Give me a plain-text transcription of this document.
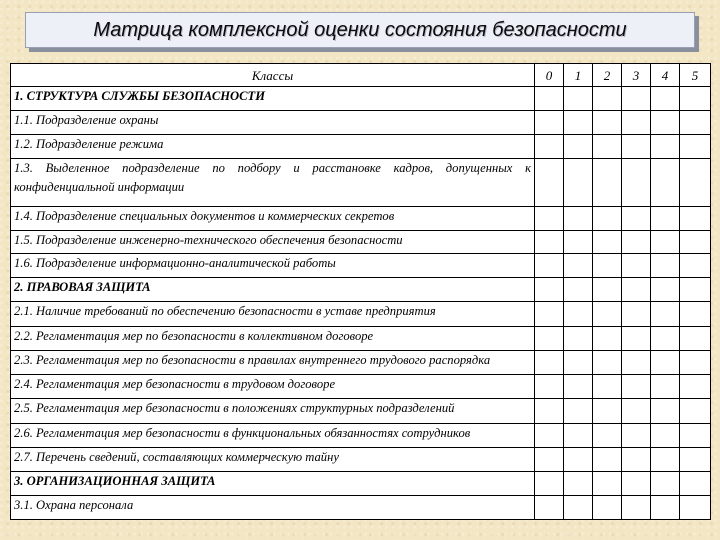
Матрица комплексной оценки состояния безопасности
Классы	0	1	2	3	4	5
1. СТРУКТУРА СЛУЖБЫ БЕЗОПАСНОСТИ						
1.1. Подразделение охраны						
1.2. Подразделение режима						
1.3. Выделенное подразделение по подбору и расстановке кадров, допущенных к конфиденциальной информации						
1.4. Подразделение специальных документов и коммерческих секретов						
1.5. Подразделение инженерно-технического обеспечения безопасности						
1.6. Подразделение информационно-аналитической работы						
2. ПРАВОВАЯ ЗАЩИТА						
2.1. Наличие требований по обеспечению безопасности в уставе предприятия						
2.2. Регламентация мер по безопасности в коллективном договоре						
2.3. Регламентация мер по безопасности в правилах внутреннего трудового распорядка						
2.4. Регламентация мер безопасности в трудовом договоре						
2.5. Регламентация мер безопасности в положениях структурных подразделений						
2.6. Регламентация мер безопасности в функциональных обязанностях сотрудников						
2.7. Перечень сведений, составляющих коммерческую тайну						
3. ОРГАНИЗАЦИОННАЯ ЗАЩИТА						
3.1. Охрана персонала						
